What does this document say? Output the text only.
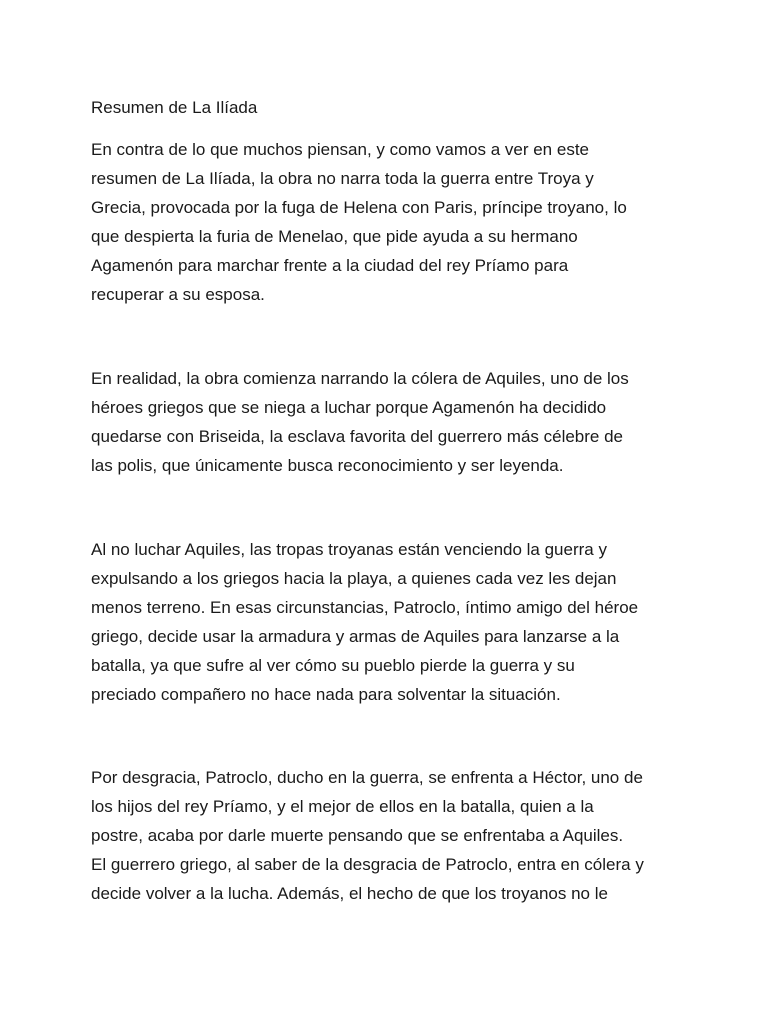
Resumen de La Ilíada
En contra de lo que muchos piensan, y como vamos a ver en este
resumen de La Ilíada, la obra no narra toda la guerra entre Troya y
Grecia, provocada por la fuga de Helena con Paris, príncipe troyano, lo
que despierta la furia de Menelao, que pide ayuda a su hermano
Agamenón para marchar frente a la ciudad del rey Príamo para
recuperar a su esposa.
En realidad, la obra comienza narrando la cólera de Aquiles, uno de los
héroes griegos que se niega a luchar porque Agamenón ha decidido
quedarse con Briseida, la esclava favorita del guerrero más célebre de
las polis, que únicamente busca reconocimiento y ser leyenda.
Al no luchar Aquiles, las tropas troyanas están venciendo la guerra y
expulsando a los griegos hacia la playa, a quienes cada vez les dejan
menos terreno. En esas circunstancias, Patroclo, íntimo amigo del héroe
griego, decide usar la armadura y armas de Aquiles para lanzarse a la
batalla, ya que sufre al ver cómo su pueblo pierde la guerra y su
preciado compañero no hace nada para solventar la situación.
Por desgracia, Patroclo, ducho en la guerra, se enfrenta a Héctor, uno de
los hijos del rey Príamo, y el mejor de ellos en la batalla, quien a la
postre, acaba por darle muerte pensando que se enfrentaba a Aquiles.
El guerrero griego, al saber de la desgracia de Patroclo, entra en cólera y
decide volver a la lucha. Además, el hecho de que los troyanos no le
